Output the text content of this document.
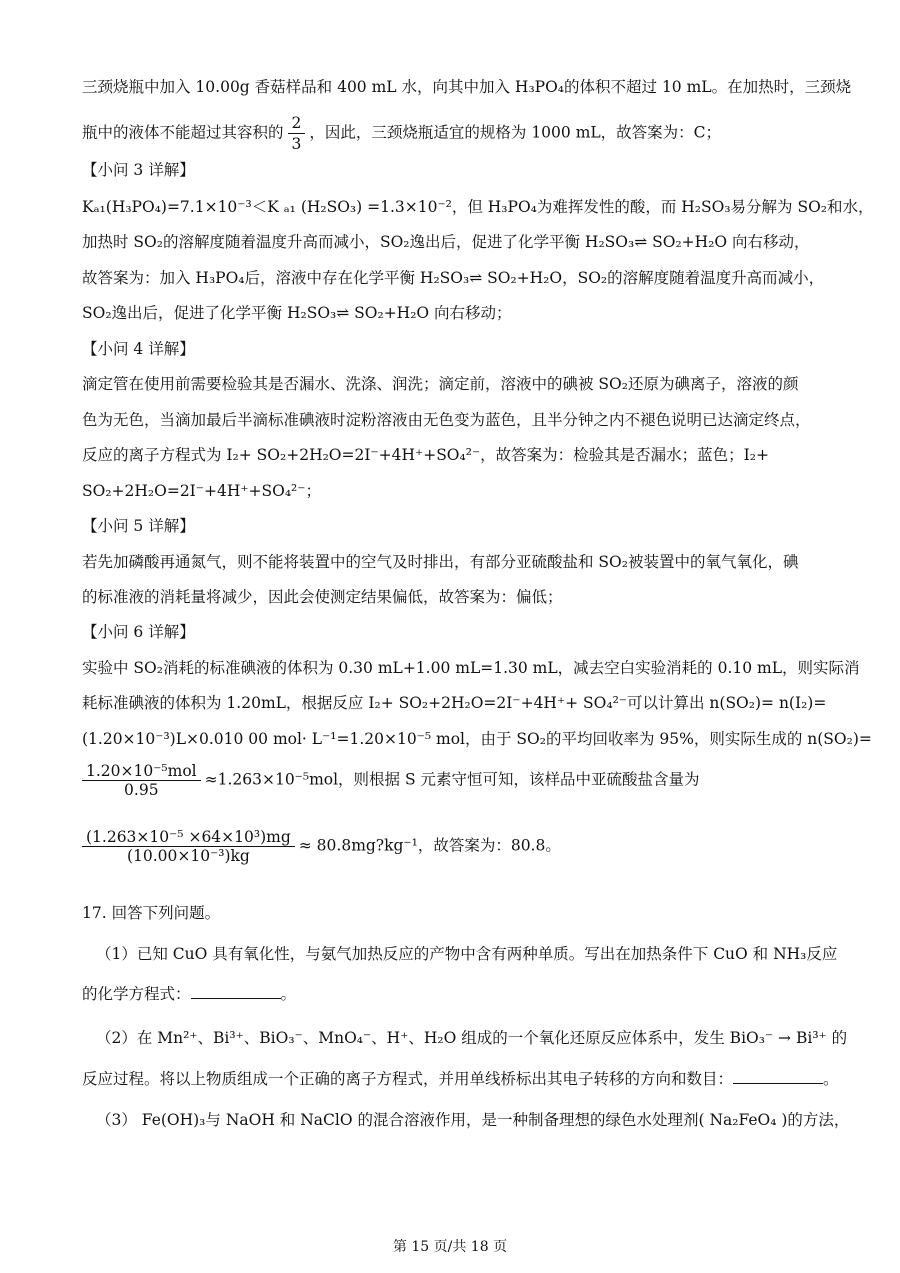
三颈烧瓶中加入 10.00g 香菇样品和 400 mL 水，向其中加入 H₃PO₄的体积不超过 10 mL。在加热时，三颈烧
瓶中的液体不能超过其容积的 $\frac{2}{3}$ ，因此，三颈烧瓶适宜的规格为 1000 mL，故答案为：C；
【小问 3 详解】
Kₐ₁(H₃PO₄)=7.1×10⁻³＜K ₐ₁ (H₂SO₃) =1.3×10⁻²，但 H₃PO₄为难挥发性的酸，而 H₂SO₃易分解为 SO₂和水，
加热时 SO₂的溶解度随着温度升高而减小，SO₂逸出后，促进了化学平衡 H₂SO₃⇌ SO₂+H₂O 向右移动，
故答案为：加入 H₃PO₄后，溶液中存在化学平衡 H₂SO₃⇌ SO₂+H₂O，SO₂的溶解度随着温度升高而减小，
SO₂逸出后，促进了化学平衡 H₂SO₃⇌ SO₂+H₂O 向右移动；
【小问 4 详解】
滴定管在使用前需要检验其是否漏水、洗涤、润洗；滴定前，溶液中的碘被 SO₂还原为碘离子，溶液的颜
色为无色，当滴加最后半滴标准碘液时淀粉溶液由无色变为蓝色，且半分钟之内不褪色说明已达滴定终点，
反应的离子方程式为 I₂+ SO₂+2H₂O=2I⁻+4H⁺+SO₄²⁻，故答案为：检验其是否漏水；蓝色；I₂+
SO₂+2H₂O=2I⁻+4H⁺+SO₄²⁻；
【小问 5 详解】
若先加磷酸再通氮气，则不能将装置中的空气及时排出，有部分亚硫酸盐和 SO₂被装置中的氧气氧化，碘
的标准液的消耗量将减少，因此会使测定结果偏低，故答案为：偏低；
【小问 6 详解】
实验中 SO₂消耗的标准碘液的体积为 0.30 mL+1.00 mL=1.30 mL，减去空白实验消耗的 0.10 mL，则实际消
耗标准碘液的体积为 1.20mL，根据反应 I₂+ SO₂+2H₂O=2I⁻+4H⁺+ SO₄²⁻可以计算出 n(SO₂)= n(I₂)=
(1.20×10⁻³)L×0.010 00 mol· L⁻¹=1.20×10⁻⁵ mol，由于 SO₂的平均回收率为 95%，则实际生成的 n(SO₂)=
$\frac{\text{1.20×10⁻⁵mol}}{0.95} \approx 1.263\times 10^{-5}mol$，则根据 S 元素守恒可知，该样品中亚硫酸盐含量为
$\frac{\text{(1.263×10⁻⁵ ×64×10³)mg}}{\text{(10.00×10⁻³)kg}}$ ≈ 80.8mg?kg⁻¹，故答案为：80.8。
17. 回答下列问题。
（1）已知 CuO 具有氧化性，与氨气加热反应的产物中含有两种单质。写出在加热条件下 CuO 和 NH₃反应
的化学方程式：	。
（2）在 Mn²⁺、Bi³⁺、BiO₃⁻、MnO₄⁻、H⁺、H₂O 组成的一个氧化还原反应体系中，发生 BiO₃⁻ → Bi³⁺ 的
反应过程。将以上物质组成一个正确的离子方程式，并用单线桥标出其电子转移的方向和数目：	。
（3） Fe(OH)₃与 NaOH 和 NaClO 的混合溶液作用，是一种制备理想的绿色水处理剂( Na₂FeO₄ )的方法，
第 15 页/共 18 页
